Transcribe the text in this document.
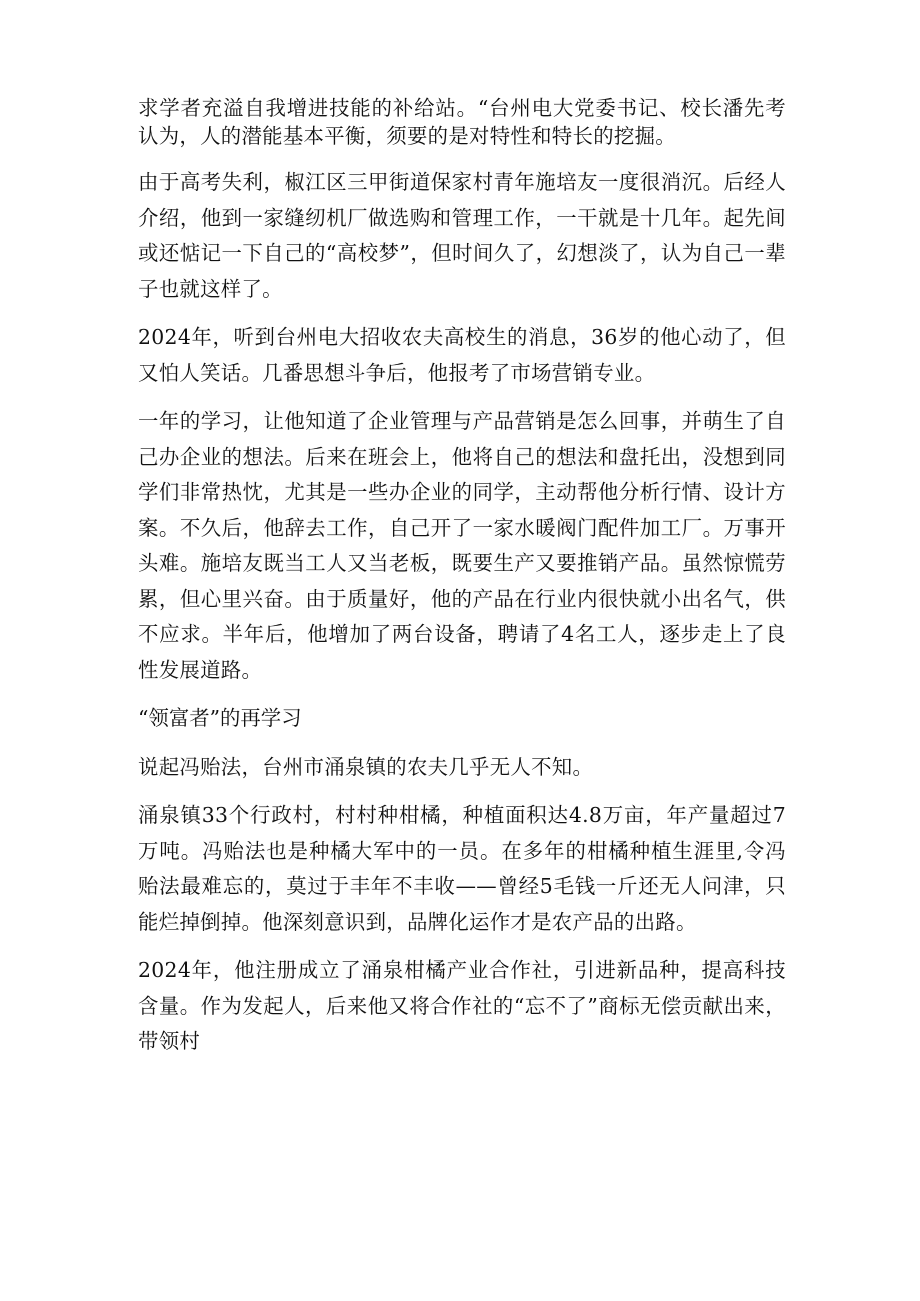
求学者充溢自我增进技能的补给站。“台州电大党委书记、校长潘先考认为，人的潜能基本平衡，须要的是对特性和特长的挖掘。

由于高考失利，椒江区三甲街道保家村青年施培友一度很消沉。后经人介绍，他到一家缝纫机厂做选购和管理工作，一干就是十几年。起先间或还惦记一下自己的“高校梦”，但时间久了，幻想淡了，认为自己一辈子也就这样了。

2024年，听到台州电大招收农夫高校生的消息，36岁的他心动了，但又怕人笑话。几番思想斗争后，他报考了市场营销专业。

一年的学习，让他知道了企业管理与产品营销是怎么回事，并萌生了自己办企业的想法。后来在班会上，他将自己的想法和盘托出，没想到同学们非常热忱，尤其是一些办企业的同学，主动帮他分析行情、设计方案。不久后，他辞去工作，自己开了一家水暖阀门配件加工厂。万事开头难。施培友既当工人又当老板，既要生产又要推销产品。虽然惊慌劳累，但心里兴奋。由于质量好，他的产品在行业内很快就小出名气，供不应求。半年后，他增加了两台设备，聘请了4名工人，逐步走上了良性发展道路。

“领富者”的再学习

说起冯贻法，台州市涌泉镇的农夫几乎无人不知。

涌泉镇33个行政村，村村种柑橘，种植面积达4.8万亩，年产量超过7万吨。冯贻法也是种橘大军中的一员。在多年的柑橘种植生涯里,令冯贻法最难忘的，莫过于丰年不丰收——曾经5毛钱一斤还无人问津，只能烂掉倒掉。他深刻意识到，品牌化运作才是农产品的出路。

2024年，他注册成立了涌泉柑橘产业合作社，引进新品种，提高科技含量。作为发起人，后来他又将合作社的“忘不了”商标无偿贡献出来，带领村
